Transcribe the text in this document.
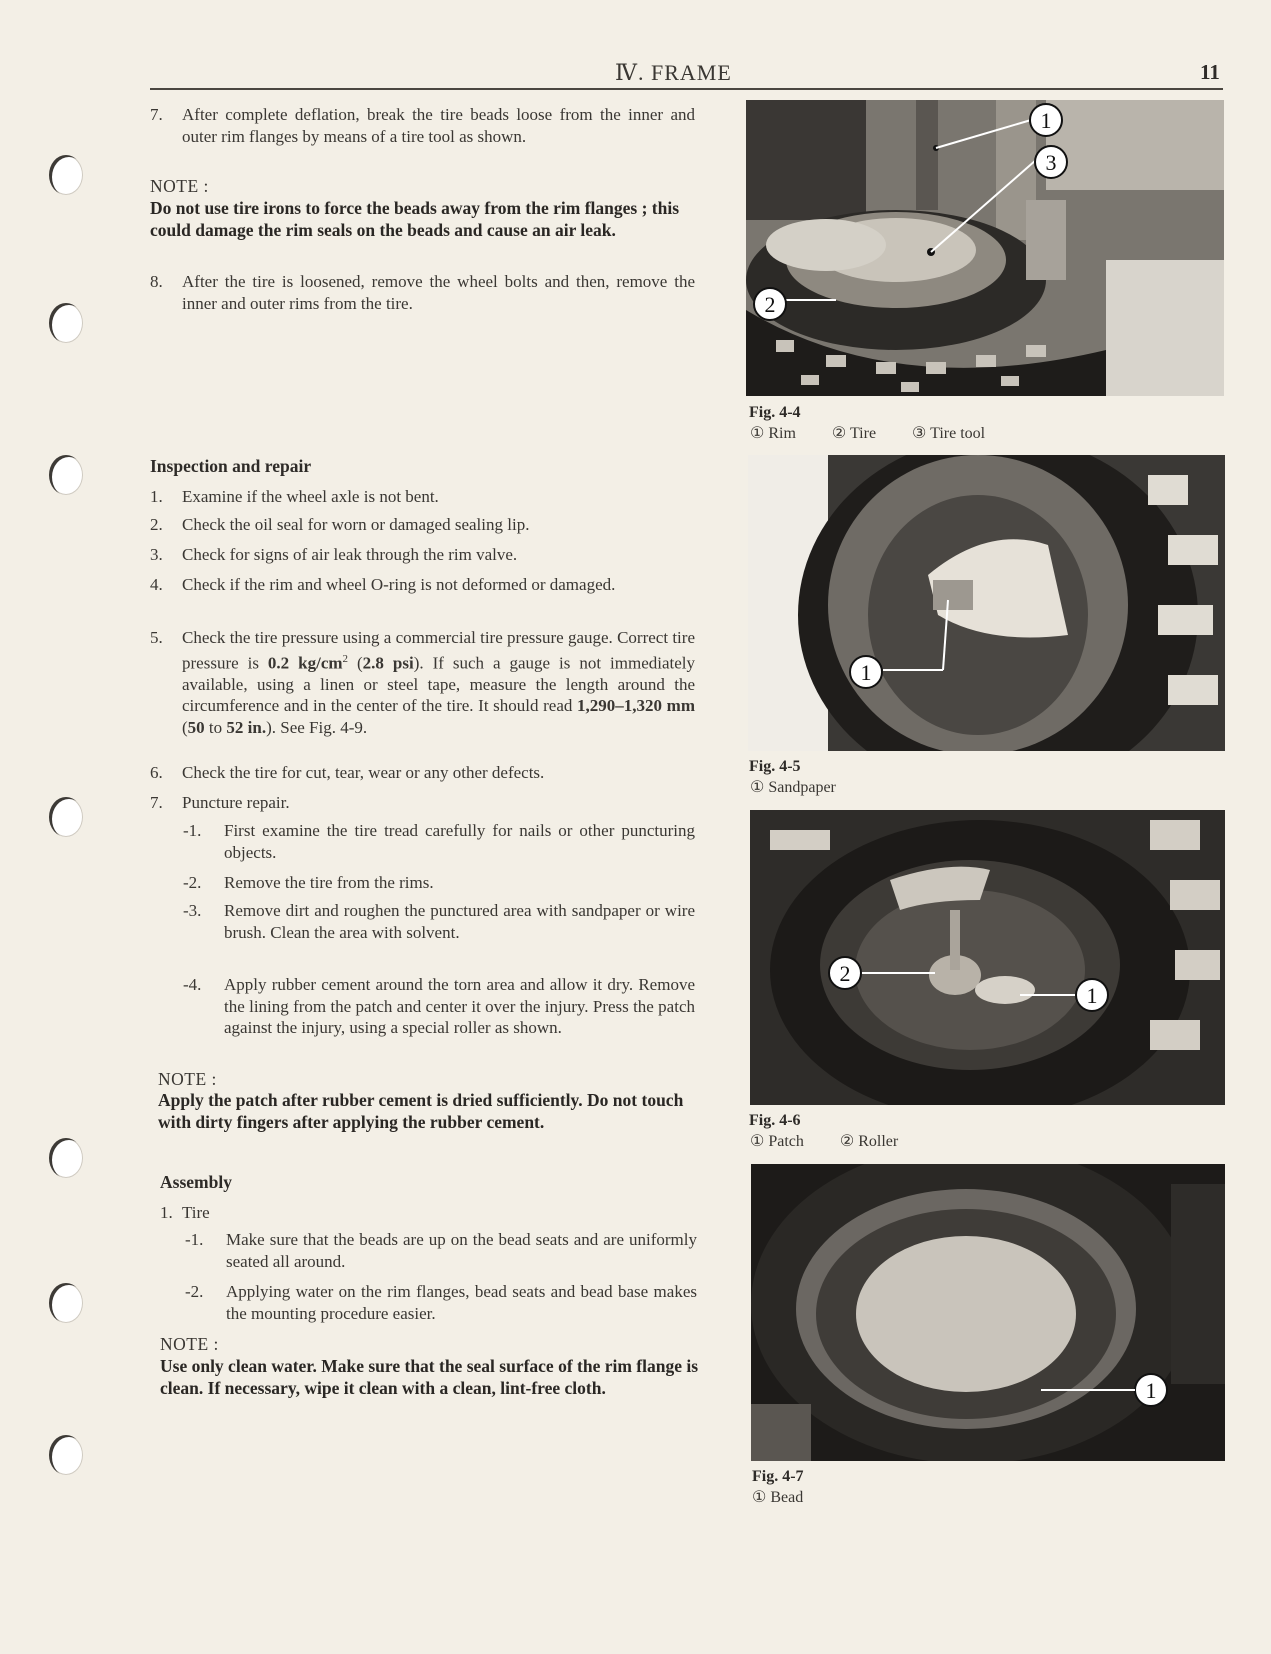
Ⅳ. FRAME	11
7. After complete deflation, break the tire beads loose from the inner and outer rim flanges by means of a tire tool as shown.
NOTE :
Do not use tire irons to force the beads away from the rim flanges ; this could damage the rim seals on the beads and cause an air leak.
8. After the tire is loosened, remove the wheel bolts and then, remove the inner and outer rims from the tire.
Inspection and repair
1. Examine if the wheel axle is not bent.
2. Check the oil seal for worn or damaged sealing lip.
3. Check for signs of air leak through the rim valve.
4. Check if the rim and wheel O-ring is not deformed or damaged.
5. Check the tire pressure using a commercial tire pressure gauge. Correct tire pressure is 0.2 $kg/cm^2$ (2.8 psi). If such a gauge is not immediately available, using a linen or steel tape, measure the length around the circumference and in the center of the tire. It should read 1,290–1,320 mm (50 to 52 in.). See Fig. 4-9.
6. Check the tire for cut, tear, wear or any other defects.
7. Puncture repair.
-1. First examine the tire tread carefully for nails or other puncturing objects.
-2. Remove the tire from the rims.
-3. Remove dirt and roughen the punctured area with sandpaper or wire brush. Clean the area with solvent.
-4. Apply rubber cement around the torn area and allow it dry. Remove the lining from the patch and center it over the injury. Press the patch against the injury, using a special roller as shown.
NOTE :
Apply the patch after rubber cement is dried sufficiently. Do not touch with dirty fingers after applying the rubber cement.
Assembly
1. Tire
-1. Make sure that the beads are up on the bead seats and are uniformly seated all around.
-2. Applying water on the rim flanges, bead seats and bead base makes the mounting procedure easier.
NOTE :
Use only clean water. Make sure that the seal surface of the rim flange is clean. If necessary, wipe it clean with a clean, lint-free cloth.
1
3
2
Fig. 4-4
① Rim ② Tire ③ Tire tool
1
Fig. 4-5
① Sandpaper
2
1
Fig. 4-6
① Patch ② Roller
1
Fig. 4-7
① Bead
